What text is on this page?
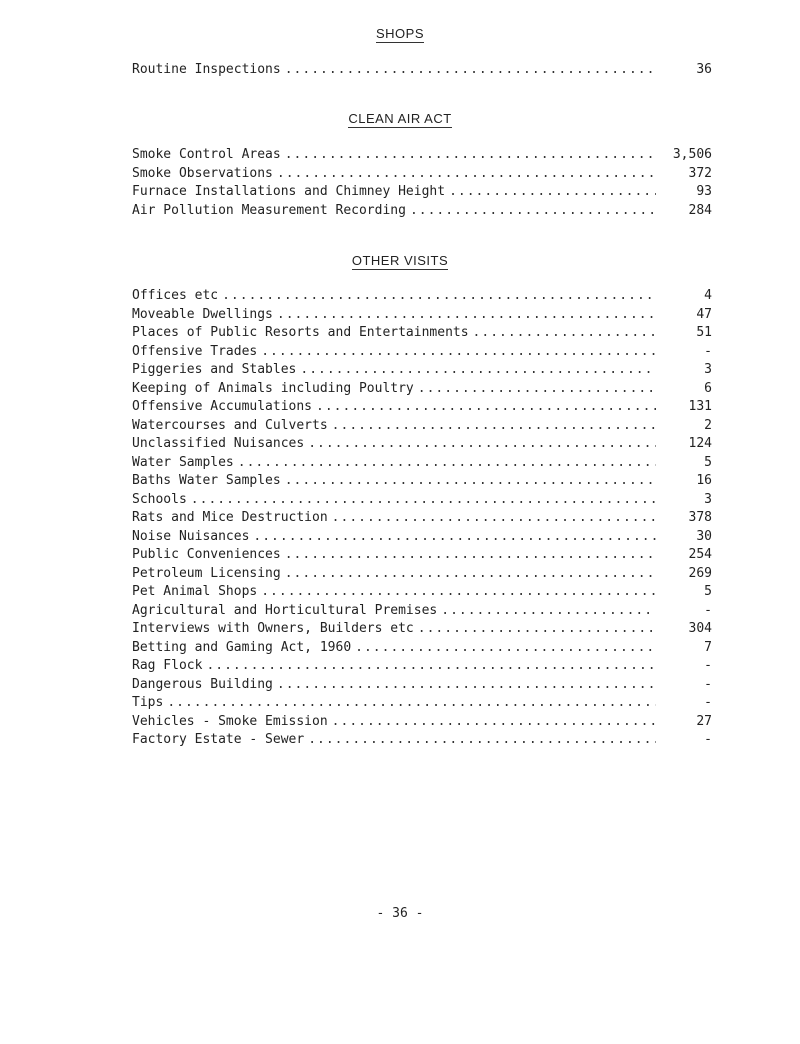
SHOPS
Routine Inspections .....	36
CLEAN AIR ACT
Smoke Control Areas .....	3,506
Smoke Observations .....	372
Furnace Installations and Chimney Height .....	93
Air Pollution Measurement Recording .....	284
OTHER VISITS
Offices etc .....	4
Moveable Dwellings .....	47
Places of Public Resorts and Entertainments .....	51
Offensive Trades .....	-
Piggeries and Stables .....	3
Keeping of Animals including Poultry .....	6
Offensive Accumulations .....	131
Watercourses and Culverts .....	2
Unclassified Nuisances .....	124
Water Samples .....	5
Baths Water Samples .....	16
Schools .....	3
Rats and Mice Destruction .....	378
Noise Nuisances .....	30
Public Conveniences .....	254
Petroleum Licensing .....	269
Pet Animal Shops .....	5
Agricultural and Horticultural Premises .....	-
Interviews with Owners, Builders etc .....	304
Betting and Gaming Act, 1960 .....	7
Rag Flock .....	-
Dangerous Building .....	-
Tips .....	-
Vehicles - Smoke Emission .....	27
Factory Estate - Sewer .....	-
- 36 -
